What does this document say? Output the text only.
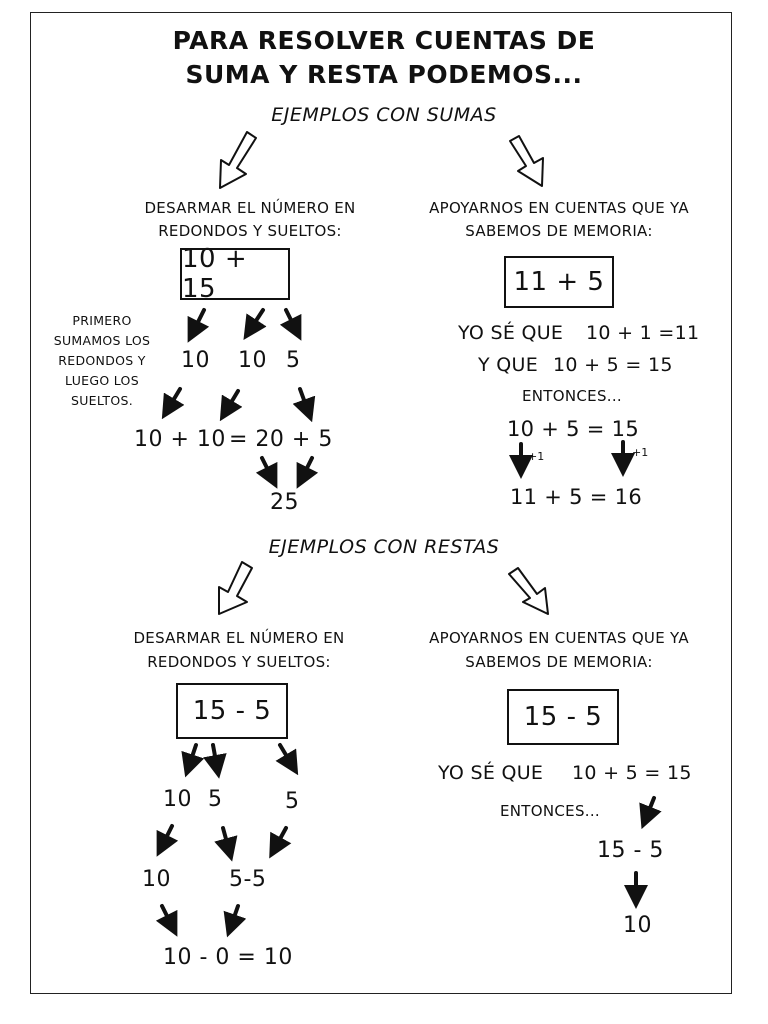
PARA RESOLVER CUENTAS DE
SUMA Y RESTA PODEMOS...
EJEMPLOS CON SUMAS
DESARMAR EL NÚMERO EN
REDONDOS Y SUELTOS:
10 + 15
PRIMERO
SUMAMOS LOS
REDONDOS Y
LUEGO LOS
SUELTOS.
10 10 5
10 + 10 = 20 + 5
25
APOYARNOS EN CUENTAS QUE YA
SABEMOS DE MEMORIA:
11 + 5
YO SÉ QUE 10 + 1 =11
Y QUE 10 + 5 = 15
ENTONCES...
10 + 5 = 15
+1	+1
11 + 5 = 16
EJEMPLOS CON RESTAS
DESARMAR EL NÚMERO EN
REDONDOS Y SUELTOS:
15 - 5
10 5	5
10	5-5
10 - 0 = 10
APOYARNOS EN CUENTAS QUE YA
SABEMOS DE MEMORIA:
15 - 5
YO SÉ QUE 10 + 5 = 15
ENTONCES...
15 - 5
10
